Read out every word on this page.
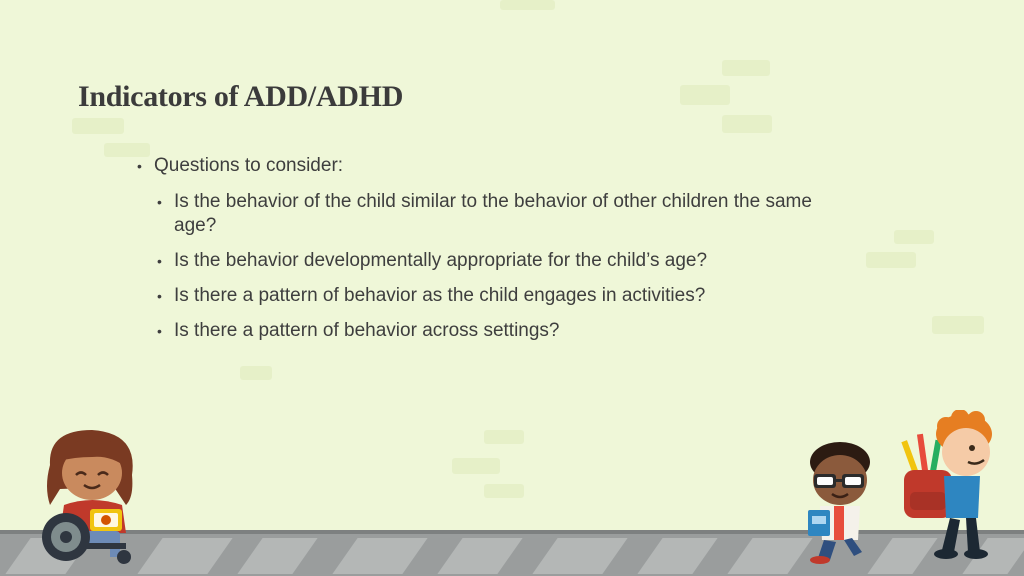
Indicators of ADD/ADHD
• Questions to consider:
• Is the behavior of the child similar to the behavior of other children the same age?
• Is the behavior developmentally appropriate for the child’s age?
• Is there a pattern of behavior as the child engages in activities?
• Is there a pattern of behavior across settings?
